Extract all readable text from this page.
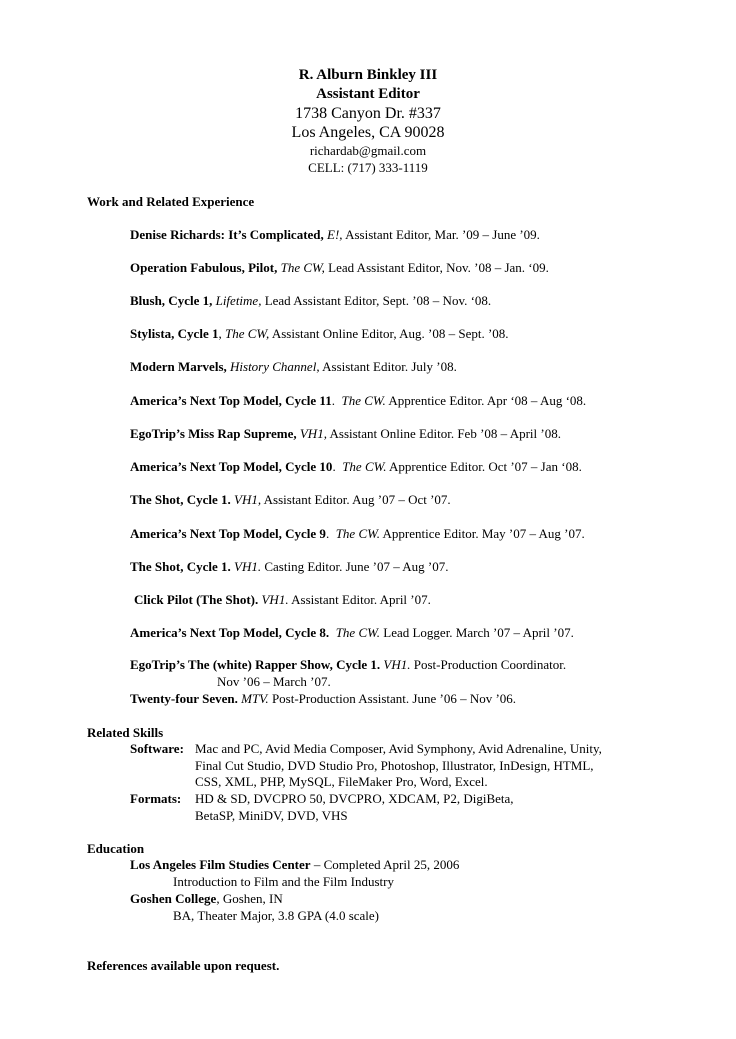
R. Alburn Binkley III
Assistant Editor
1738 Canyon Dr. #337
Los Angeles, CA 90028
richardab@gmail.com
CELL: (717) 333-1119
Work and Related Experience
Denise Richards: It’s Complicated, E!, Assistant Editor, Mar. ’09 – June ’09.
Operation Fabulous, Pilot, The CW, Lead Assistant Editor, Nov. ’08 – Jan. ‘09.
Blush, Cycle 1, Lifetime, Lead Assistant Editor, Sept. ’08 – Nov. ‘08.
Stylista, Cycle 1, The CW, Assistant Online Editor, Aug. ’08 – Sept. ’08.
Modern Marvels, History Channel, Assistant Editor. July ’08.
America’s Next Top Model, Cycle 11.  The CW. Apprentice Editor. Apr ‘08 – Aug ‘08.
EgoTrip’s Miss Rap Supreme, VH1, Assistant Online Editor. Feb ’08 – April ’08.
America’s Next Top Model, Cycle 10.  The CW. Apprentice Editor. Oct ’07 – Jan ‘08.
The Shot, Cycle 1. VH1, Assistant Editor. Aug ’07 – Oct ’07.
America’s Next Top Model, Cycle 9.  The CW. Apprentice Editor. May ’07 – Aug ’07.
The Shot, Cycle 1. VH1. Casting Editor. June ’07 – Aug ’07.
Click Pilot (The Shot). VH1. Assistant Editor. April ’07.
America’s Next Top Model, Cycle 8. The CW. Lead Logger. March ’07 – April ’07.
EgoTrip’s The (white) Rapper Show, Cycle 1. VH1. Post-Production Coordinator.
Nov ’06 – March ’07.
Twenty-four Seven. MTV. Post-Production Assistant. June ’06 – Nov ’06.
Related Skills
Software: Mac and PC, Avid Media Composer, Avid Symphony, Avid Adrenaline, Unity, Final Cut Studio, DVD Studio Pro, Photoshop, Illustrator, InDesign, HTML, CSS, XML, PHP, MySQL, FileMaker Pro, Word, Excel.
Formats: HD & SD, DVCPRO 50, DVCPRO, XDCAM, P2, DigiBeta, BetaSP, MiniDV, DVD, VHS
Education
Los Angeles Film Studies Center – Completed April 25, 2006
Introduction to Film and the Film Industry
Goshen College, Goshen, IN
BA, Theater Major, 3.8 GPA (4.0 scale)
References available upon request.
